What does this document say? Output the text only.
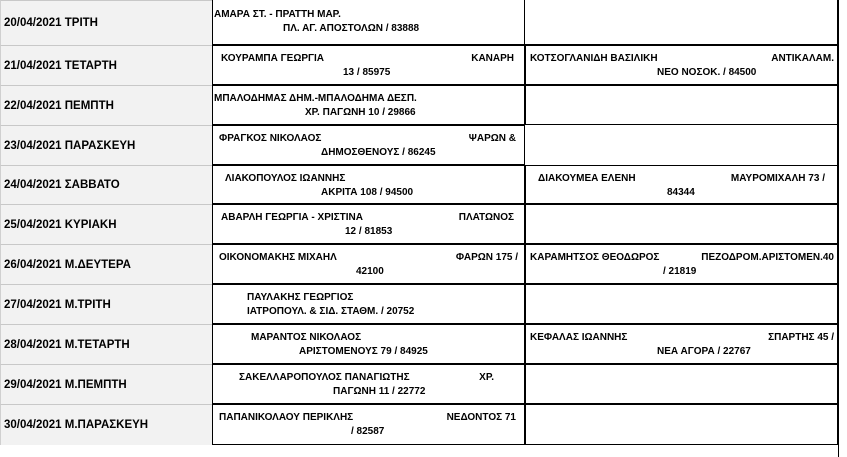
20/04/2021 ΤΡΙΤΗ
ΑΜΑΡΑ ΣΤ. - ΠΡΑΤΤΗ ΜΑΡ.
ΠΛ. ΑΓ. ΑΠΟΣΤΟΛΩΝ / 83888
21/04/2021 ΤΕΤΑΡΤΗ
ΚΟΥΡΑΜΠΑ ΓΕΩΡΓΙΑ	ΚΑΝΑΡΗ
13 / 85975
ΚΟΤΣΟΓΛΑΝΙΔΗ ΒΑΣΙΛΙΚΗ	ΑΝΤΙΚΑΛΑΜ.
ΝΕΟ ΝΟΣΟΚ. / 84500
22/04/2021 ΠΕΜΠΤΗ
ΜΠΑΛΟΔΗΜΑΣ ΔΗΜ.-ΜΠΑΛΟΔΗΜΑ ΔΕΣΠ.
ΧΡ. ΠΑΓΩΝΗ 10 / 29866
23/04/2021 ΠΑΡΑΣΚΕΥΗ
ΦΡΑΓΚΟΣ ΝΙΚΟΛΑΟΣ	ΨΑΡΩΝ &
ΔΗΜΟΣΘΕΝΟΥΣ / 86245
24/04/2021 ΣΑΒΒΑΤΟ
ΛΙΑΚΟΠΟΥΛΟΣ ΙΩΑΝΝΗΣ
ΑΚΡΙΤΑ 108 / 94500
ΔΙΑΚΟΥΜΕΑ ΕΛΕΝΗ	ΜΑΥΡΟΜΙΧΑΛΗ 73 /
84344
25/04/2021 ΚΥΡΙΑΚΗ
ΑΒΑΡΛΗ ΓΕΩΡΓΙΑ - ΧΡΙΣΤΙΝΑ	ΠΛΑΤΩΝΟΣ
12 / 81853
26/04/2021 Μ.ΔΕΥΤΕΡΑ
ΟΙΚΟΝΟΜΑΚΗΣ ΜΙΧΑΗΛ	ΦΑΡΩΝ 175 /
42100
ΚΑΡΑΜΗΤΣΟΣ ΘΕΟΔΩΡΟΣ	ΠΕΖΟΔΡΟΜ.ΑΡΙΣΤΟΜΕΝ.40
/ 21819
27/04/2021 Μ.ΤΡΙΤΗ
ΠΑΥΛΑΚΗΣ ΓΕΩΡΓΙΟΣ
ΙΑΤΡΟΠΟΥΛ. & ΣΙΔ. ΣΤΑΘΜ. / 20752
28/04/2021 Μ.ΤΕΤΑΡΤΗ
ΜΑΡΑΝΤΟΣ ΝΙΚΟΛΑΟΣ
ΑΡΙΣΤΟΜΕΝΟΥΣ 79 / 84925
ΚΕΦΑΛΑΣ ΙΩΑΝΝΗΣ	ΣΠΑΡΤΗΣ 45 /
ΝΕΑ ΑΓΟΡΑ / 22767
29/04/2021 Μ.ΠΕΜΠΤΗ
ΣΑΚΕΛΛΑΡΟΠΟΥΛΟΣ ΠΑΝΑΓΙΩΤΗΣ	ΧΡ.
ΠΑΓΩΝΗ 11 / 22772
30/04/2021 Μ.ΠΑΡΑΣΚΕΥΗ
ΠΑΠΑΝΙΚΟΛΑΟΥ ΠΕΡΙΚΛΗΣ	ΝΕΔΟΝΤΟΣ 71
/ 82587
